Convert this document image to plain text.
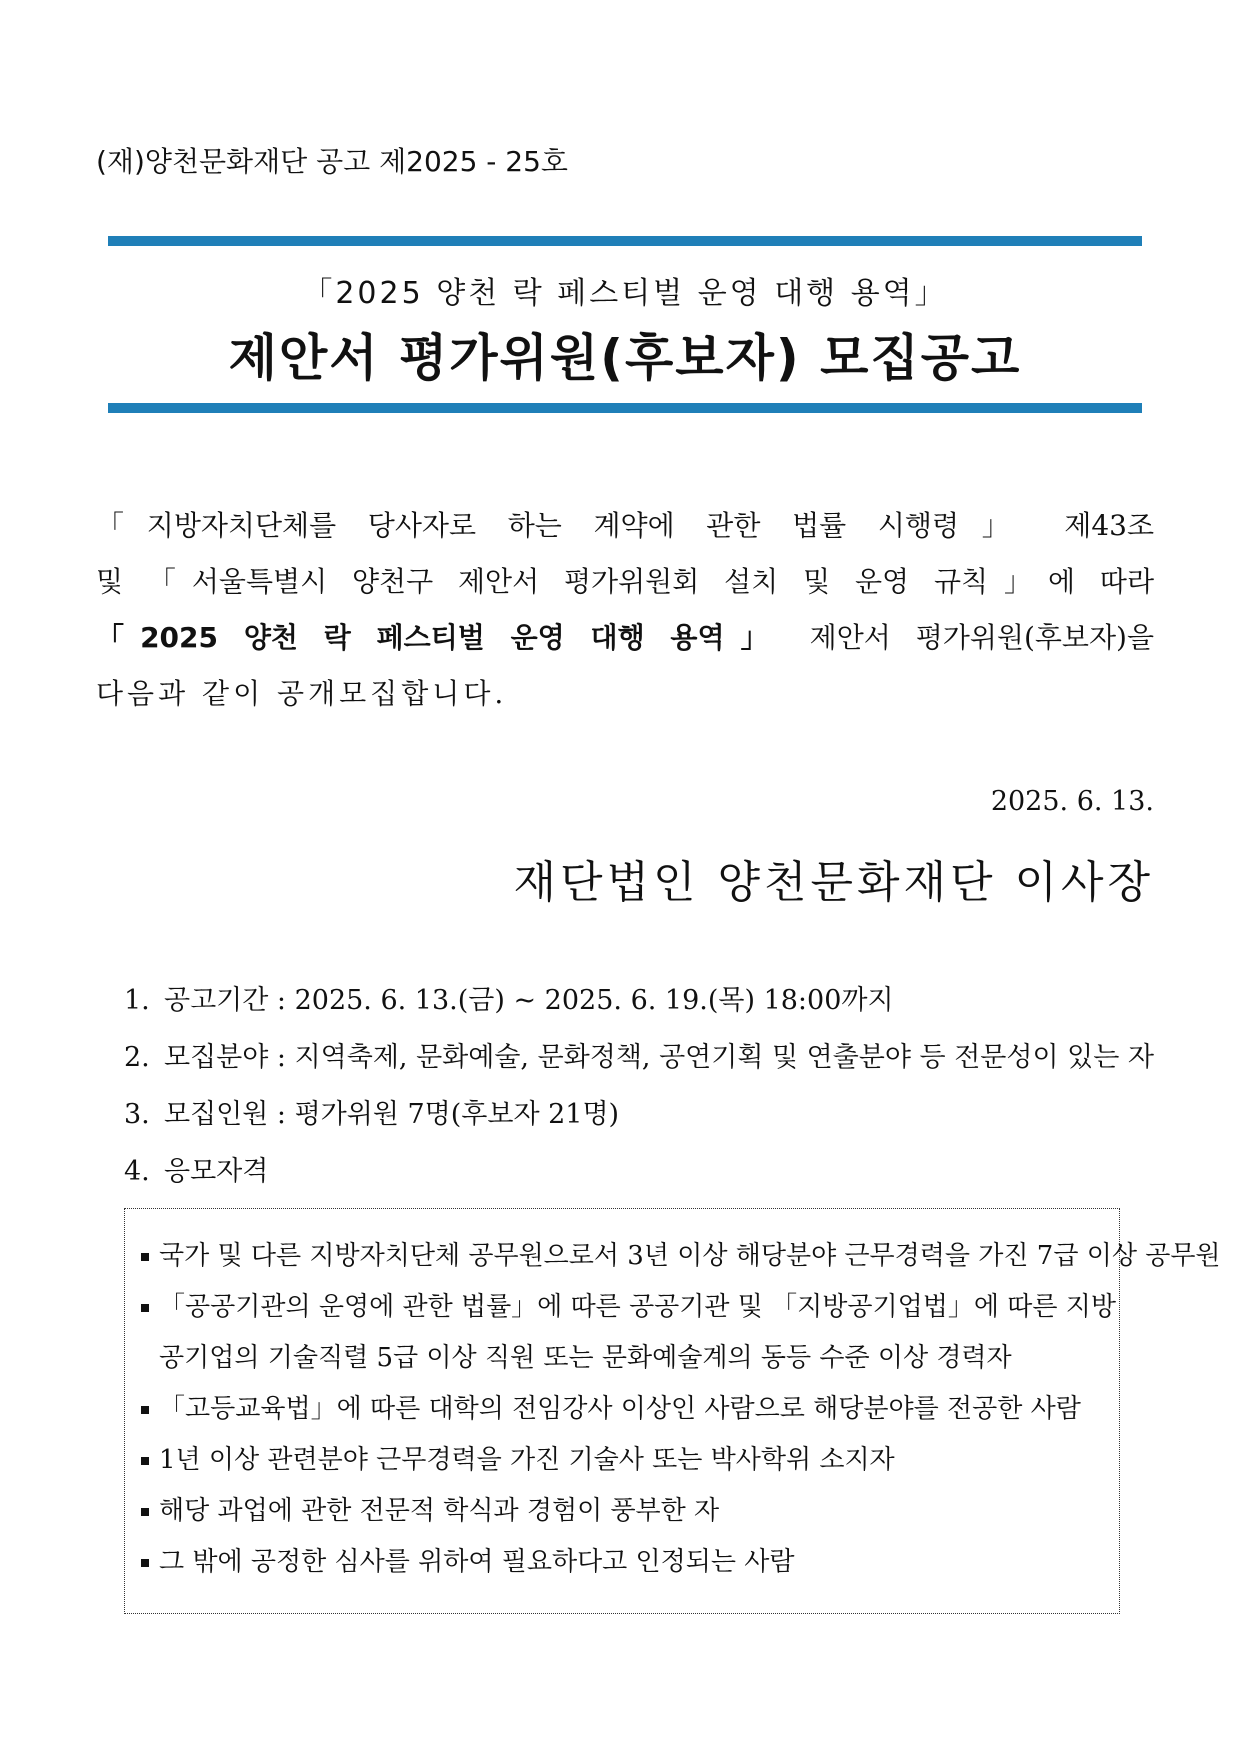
(재)양천문화재단 공고 제2025 - 25호
「2025 양천 락 페스티벌 운영 대행 용역」
제안서 평가위원(후보자) 모집공고
「지방자치단체를 당사자로 하는 계약에 관한 법률 시행령」 제43조
및 「서울특별시 양천구 제안서 평가위원회 설치 및 운영 규칙」에 따라
「2025 양천 락 페스티벌 운영 대행 용역」 제안서 평가위원(후보자)을
다음과 같이 공개모집합니다.
2025. 6. 13.
재단법인 양천문화재단 이사장
1. 공고기간 : 2025. 6. 13.(금) ~ 2025. 6. 19.(목) 18:00까지
2. 모집분야 : 지역축제, 문화예술, 문화정책, 공연기획 및 연출분야 등 전문성이 있는 자
3. 모집인원 : 평가위원 7명(후보자 21명)
4. 응모자격
국가 및 다른 지방자치단체 공무원으로서 3년 이상 해당분야 근무경력을 가진 7급 이상 공무원
「공공기관의 운영에 관한 법률」에 따른 공공기관 및 「지방공기업법」에 따른 지방
공기업의 기술직렬 5급 이상 직원 또는 문화예술계의 동등 수준 이상 경력자
「고등교육법」에 따른 대학의 전임강사 이상인 사람으로 해당분야를 전공한 사람
1년 이상 관련분야 근무경력을 가진 기술사 또는 박사학위 소지자
해당 과업에 관한 전문적 학식과 경험이 풍부한 자
그 밖에 공정한 심사를 위하여 필요하다고 인정되는 사람
